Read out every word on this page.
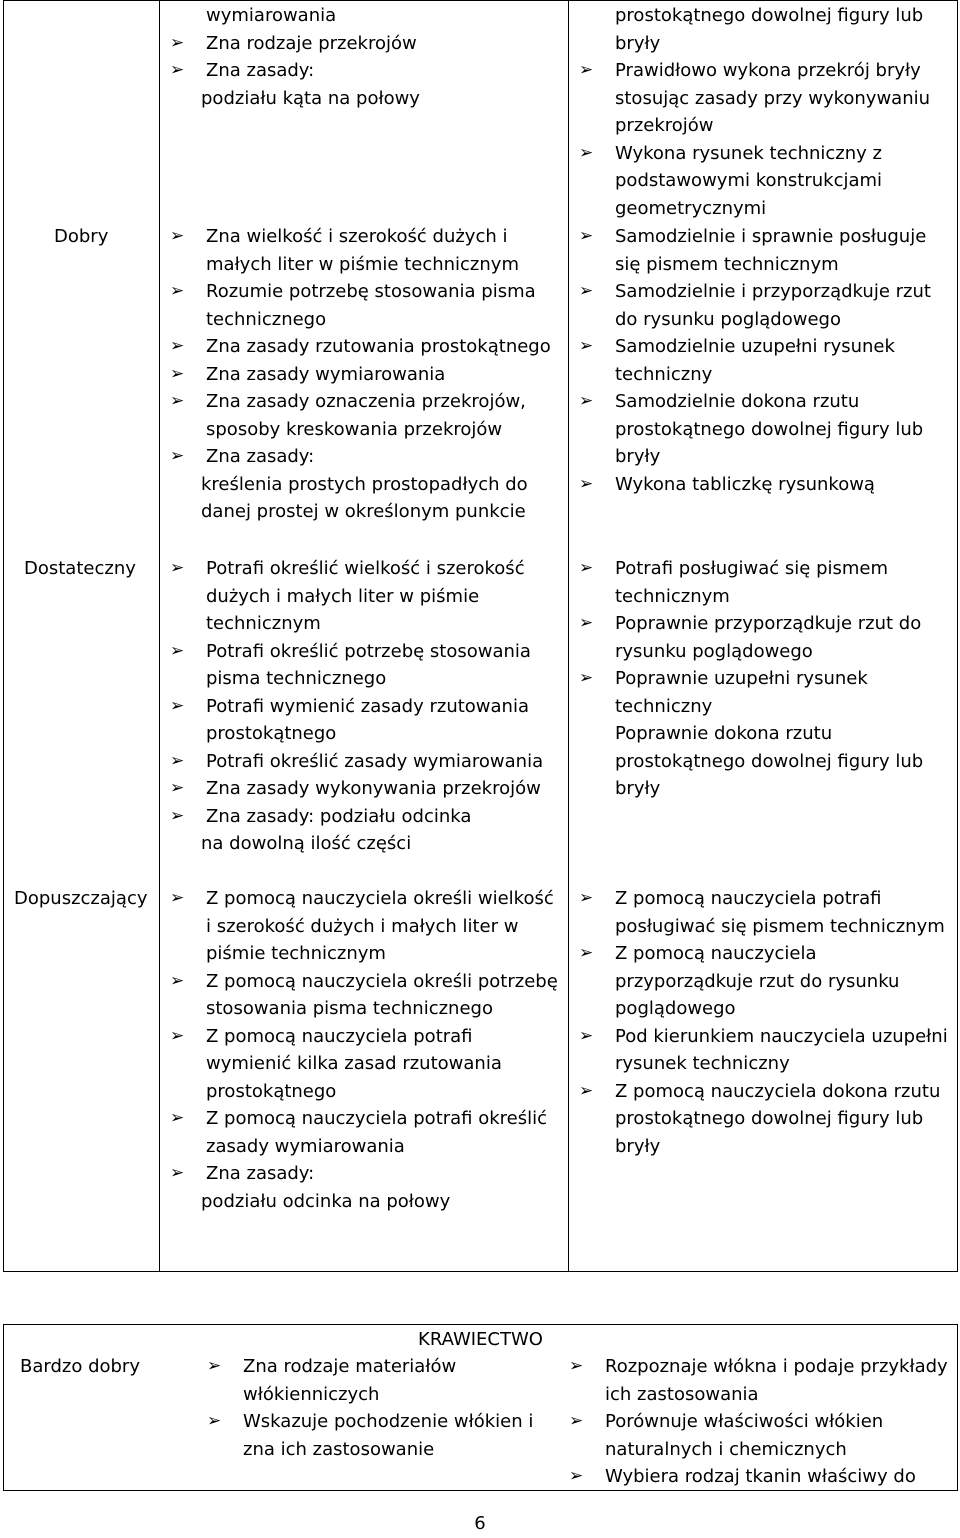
wymiarowania
➢ Zna rodzaje przekrojów
➢ Zna zasady:
podziału kąta na połowy
prostokątnego dowolnej figury lub bryły
➢ Prawidłowo wykona przekrój bryły stosując zasady przy wykonywaniu przekrojów
➢ Wykona rysunek techniczny z podstawowymi konstrukcjami geometrycznymi
Dobry	➢ Zna wielkość i szerokość dużych i małych liter w piśmie technicznym
➢ Rozumie potrzebę stosowania pisma technicznego
➢ Zna zasady rzutowania prostokątnego
➢ Zna zasady wymiarowania
➢ Zna zasady oznaczenia przekrojów, sposoby kreskowania przekrojów
➢ Zna zasady:
kreślenia prostych prostopadłych do danej prostej w określonym punkcie
➢ Samodzielnie i sprawnie posługuje się pismem technicznym
➢ Samodzielnie i przyporządkuje rzut do rysunku poglądowego
➢ Samodzielnie uzupełni rysunek techniczny
➢ Samodzielnie dokona rzutu prostokątnego dowolnej figury lub bryły
➢ Wykona tabliczkę rysunkową
Dostateczny ➢ Potrafi określić wielkość i szerokość dużych i małych liter w piśmie technicznym
➢ Potrafi określić potrzebę stosowania pisma technicznego
➢ Potrafi wymienić zasady rzutowania prostokątnego
➢ Potrafi określić zasady wymiarowania
➢ Zna zasady wykonywania przekrojów
➢ Zna zasady: podziału odcinka
na dowolną ilość części
➢ Potrafi posługiwać się pismem technicznym
➢ Poprawnie przyporządkuje rzut do rysunku poglądowego
➢ Poprawnie uzupełni rysunek techniczny
Poprawnie dokona rzutu prostokątnego dowolnej figury lub bryły
Dopuszczający ➢ Z pomocą nauczyciela określi wielkość i szerokość dużych i małych liter w piśmie technicznym
➢ Z pomocą nauczyciela określi potrzebę stosowania pisma technicznego
➢ Z pomocą nauczyciela potrafi wymienić kilka zasad rzutowania prostokątnego
➢ Z pomocą nauczyciela potrafi określić zasady wymiarowania
➢ Zna zasady:
podziału odcinka na połowy
➢ Z pomocą nauczyciela potrafi posługiwać się pismem technicznym
➢ Z pomocą nauczyciela przyporządkuje rzut do rysunku poglądowego
➢ Pod kierunkiem nauczyciela uzupełni rysunek techniczny
➢ Z pomocą nauczyciela dokona rzutu prostokątnego dowolnej figury lub bryły
KRAWIECTWO
Bardzo dobry	➢ Zna rodzaje materiałów włókienniczych
➢ Wskazuje pochodzenie włókien i zna ich zastosowanie
➢ Rozpoznaje włókna i podaje przykłady ich zastosowania
➢ Porównuje właściwości włókien naturalnych i chemicznych
➢ Wybiera rodzaj tkanin właściwy do
6
